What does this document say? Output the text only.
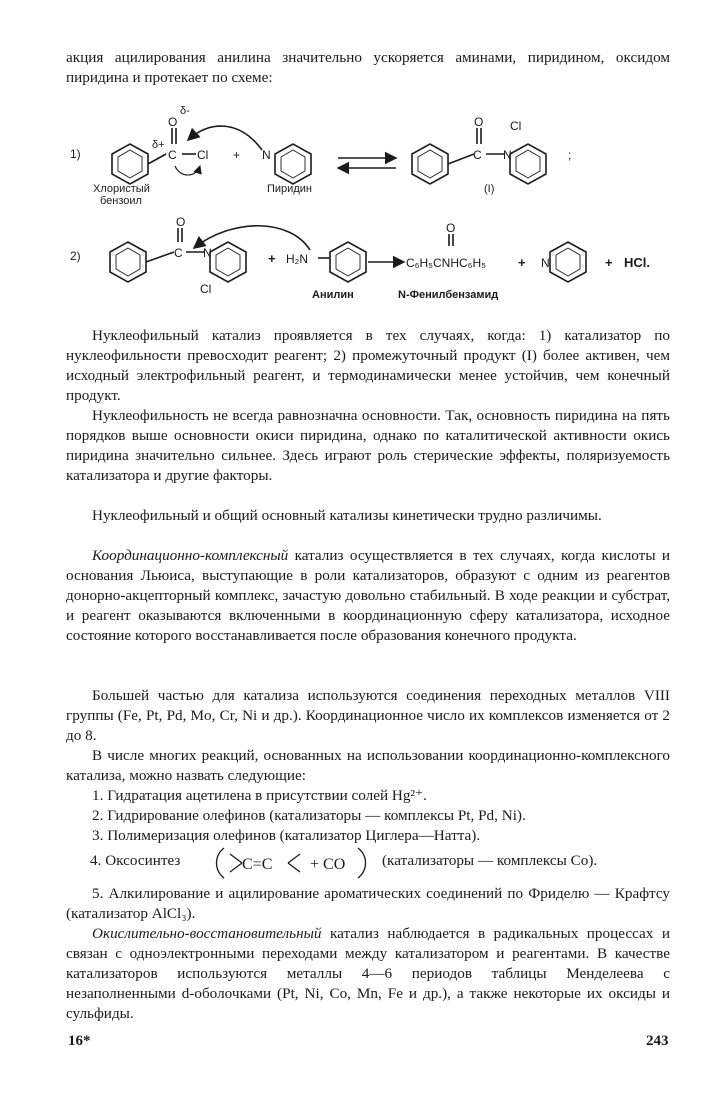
акция ацилирования анилина значительно ускоряется аминами, пиридином, оксидом пиридина и протекает по схеме:

1)
O
δ-
δ+
C Cl + N
O
C N
Cl
;
Хлористый
бензоил
Пиридин	(I)
2)
O
C N
Cl
+ H₂N
O
C₆H₅CNHC₆H₅ + N	+ HCl.
Анилин	N-Фенилбензамид

Нуклеофильный катализ проявляется в тех случаях, когда: 1) катализатор по нуклеофильности превосходит реагент; 2) промежуточный продукт (I) более активен, чем исходный электрофильный реагент, и термодинамически менее устойчив, чем конечный продукт.

Нуклеофильность не всегда равнозначна основности. Так, основность пиридина на пять порядков выше основности окиси пиридина, однако по каталитической активности окись пиридина значительно сильнее. Здесь играют роль стерические эффекты, поляризуемость катализатора и другие факторы.

Нуклеофильный и общий основный катализы кинетически трудно различимы.

Координационно-комплексный катализ осуществляется в тех случаях, когда кислоты и основания Льюиса, выступающие в роли катализаторов, образуют с одним из реагентов донорно-акцепторный комплекс, зачастую довольно стабильный. В ходе реакции и субстрат, и реагент оказываются включенными в координационную сферу катализатора, исходное состояние которого восстанавливается после образования конечного продукта.

Большей частью для катализа используются соединения переходных металлов VIII группы (Fe, Pt, Pd, Mo, Cr, Ni и др.). Координационное число их комплексов изменяется от 2 до 8.

В числе многих реакций, основанных на использовании координационно-комплексного катализа, можно назвать следующие:

1. Гидратация ацетилена в присутствии солей Hg²⁺.
2. Гидрирование олефинов (катализаторы — комплексы Pt, Pd, Ni).
3. Полимеризация олефинов (катализатор Циглера—Натта).
4. Оксосинтез	C=C + CO (катализаторы — комплексы Co).

5. Алкилирование и ацилирование ароматических соединений по Фриделю — Крафтсу (катализатор AlCl₃).

Окислительно-восстановительный катализ наблюдается в радикальных процессах и связан с одноэлектронными переходами между катализатором и реагентами. В качестве катализаторов используются металлы 4—6 периодов таблицы Менделеева с незаполненными d-оболочками (Pt, Ni, Co, Mn, Fe и др.), а также некоторые их оксиды и сульфиды.

16*	243
